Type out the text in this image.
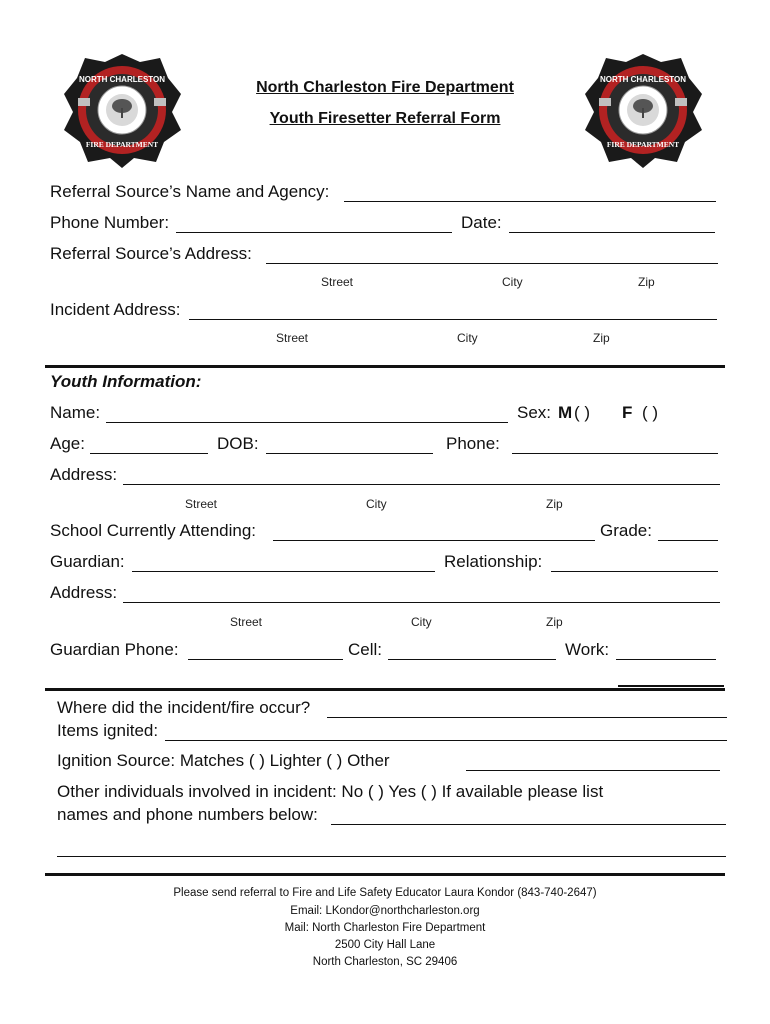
NORTH CHARLESTON
FIRE DEPARTMENT
NORTH CHARLESTON
FIRE DEPARTMENT
North Charleston Fire Department
Youth Firesetter Referral Form
Referral Source’s Name and Agency:
Phone Number:	Date:
Referral Source’s Address:
Street	City	Zip
Incident Address:
Street	City	Zip
Youth Information:
Name:	Sex: M ( ) F ( )
Age:	DOB:	Phone:
Address:
Street	City	Zip
School Currently Attending:	Grade:
Guardian:	Relationship:
Address:
Street	City	Zip
Guardian Phone:	Cell:	Work:
Where did the incident/fire occur?
Items ignited:
Ignition Source: Matches ( ) Lighter ( ) Other
Other individuals involved in incident: No ( ) Yes ( ) If available please list
names and phone numbers below:
Please send referral to Fire and Life Safety Educator Laura Kondor (843-740-2647)
Email: LKondor@northcharleston.org
Mail: North Charleston Fire Department
2500 City Hall Lane
North Charleston, SC 29406
